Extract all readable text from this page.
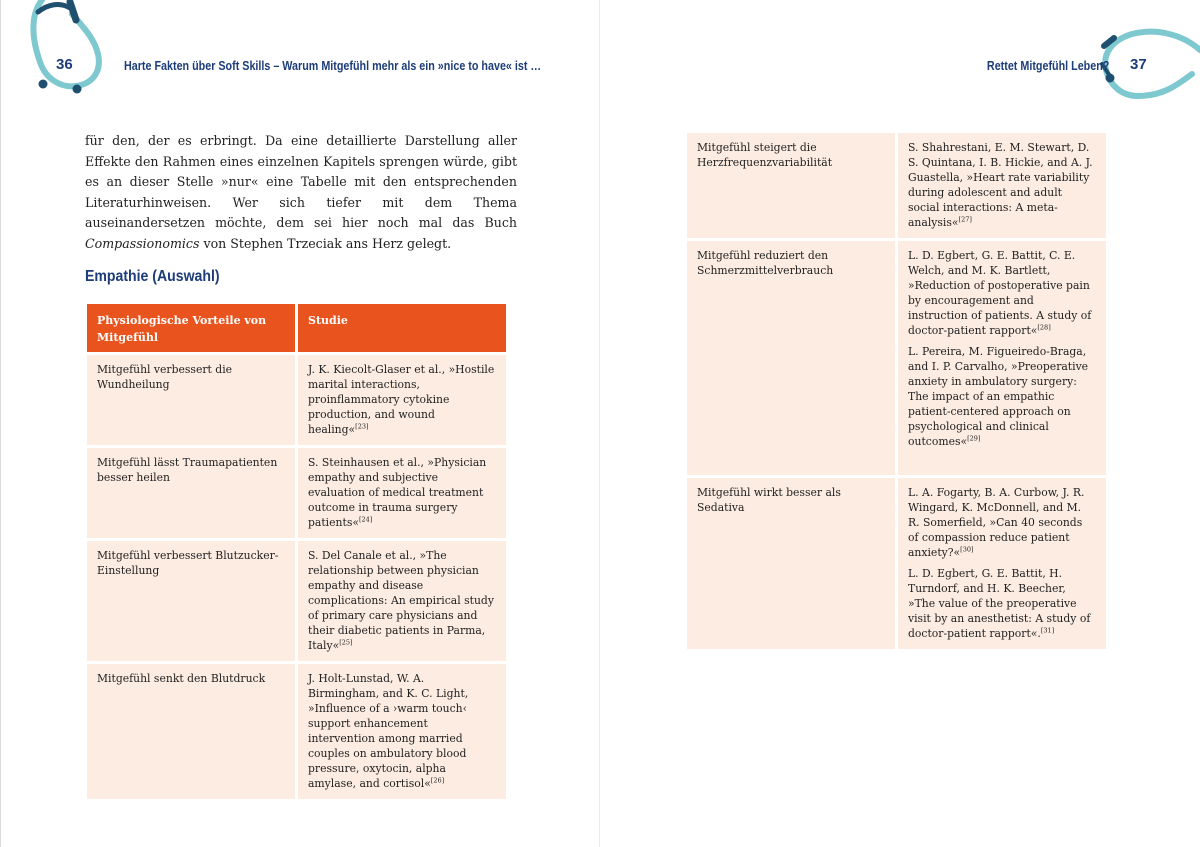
36	Harte Fakten über Soft Skills – Warum Mitgefühl mehr als ein »nice to have« ist …

für den, der es erbringt. Da eine detaillierte Darstellung aller Effekte den Rahmen eines einzelnen Kapitels sprengen würde, gibt es an dieser Stelle »nur« eine Tabelle mit den entsprechenden Literaturhinweisen. Wer sich tiefer mit dem Thema auseinandersetzen möchte, dem sei hier noch mal das Buch Compassionomics von Stephen Trzeciak ans Herz gelegt.

Empathie (Auswahl)
Physiologische Vorteile von Mitgefühl	Studie
Mitgefühl verbessert die Wundheilung	J. K. Kiecolt-Glaser et al., »Hostile marital interactions, proinflammatory cytokine production, and wound healing«[23]

Mitgefühl lässt Traumapatienten besser heilen	S. Steinhausen et al., »Physician empathy and subjective evaluation of medical treatment outcome in trauma surgery patients«[24]

Mitgefühl verbessert Blutzucker-Einstellung	S. Del Canale et al., »The relationship between physician empathy and disease complications: An empirical study of primary care physicians and their diabetic patients in Parma, Italy«[25]

Mitgefühl senkt den Blutdruck	J. Holt-Lunstad, W. A. Birmingham, and K. C. Light, »Influence of a ›warm touch‹ support enhancement intervention among married couples on ambulatory blood pressure, oxytocin, alpha amylase, and cortisol«[26]
37
Rettet Mitgefühl Leben?
Mitgefühl steigert die Herzfrequenzvariabilität	S. Shahrestani, E. M. Stewart, D. S. Quintana, I. B. Hickie, and A. J. Guastella, »Heart rate variability during adolescent and adult social interactions: A meta-analysis«[27]

Mitgefühl reduziert den Schmerzmittelverbrauch	L. D. Egbert, G. E. Battit, C. E. Welch, and M. K. Bartlett, »Reduction of postoperative pain by encouragement and instruction of patients. A study of doctor-patient rapport«[28]
L. Pereira, M. Figueiredo-Braga, and I. P. Carvalho, »Preoperative anxiety in ambulatory surgery: The impact of an empathic patient-centered approach on psychological and clinical outcomes«[29]

Mitgefühl wirkt besser als Sedativa	L. A. Fogarty, B. A. Curbow, J. R. Wingard, K. McDonnell, and M. R. Somerfield, »Can 40 seconds of compassion reduce patient anxiety?«[30]
L. D. Egbert, G. E. Battit, H. Turndorf, and H. K. Beecher, »The value of the preoperative visit by an anesthetist: A study of doctor-patient rapport«.[31]
